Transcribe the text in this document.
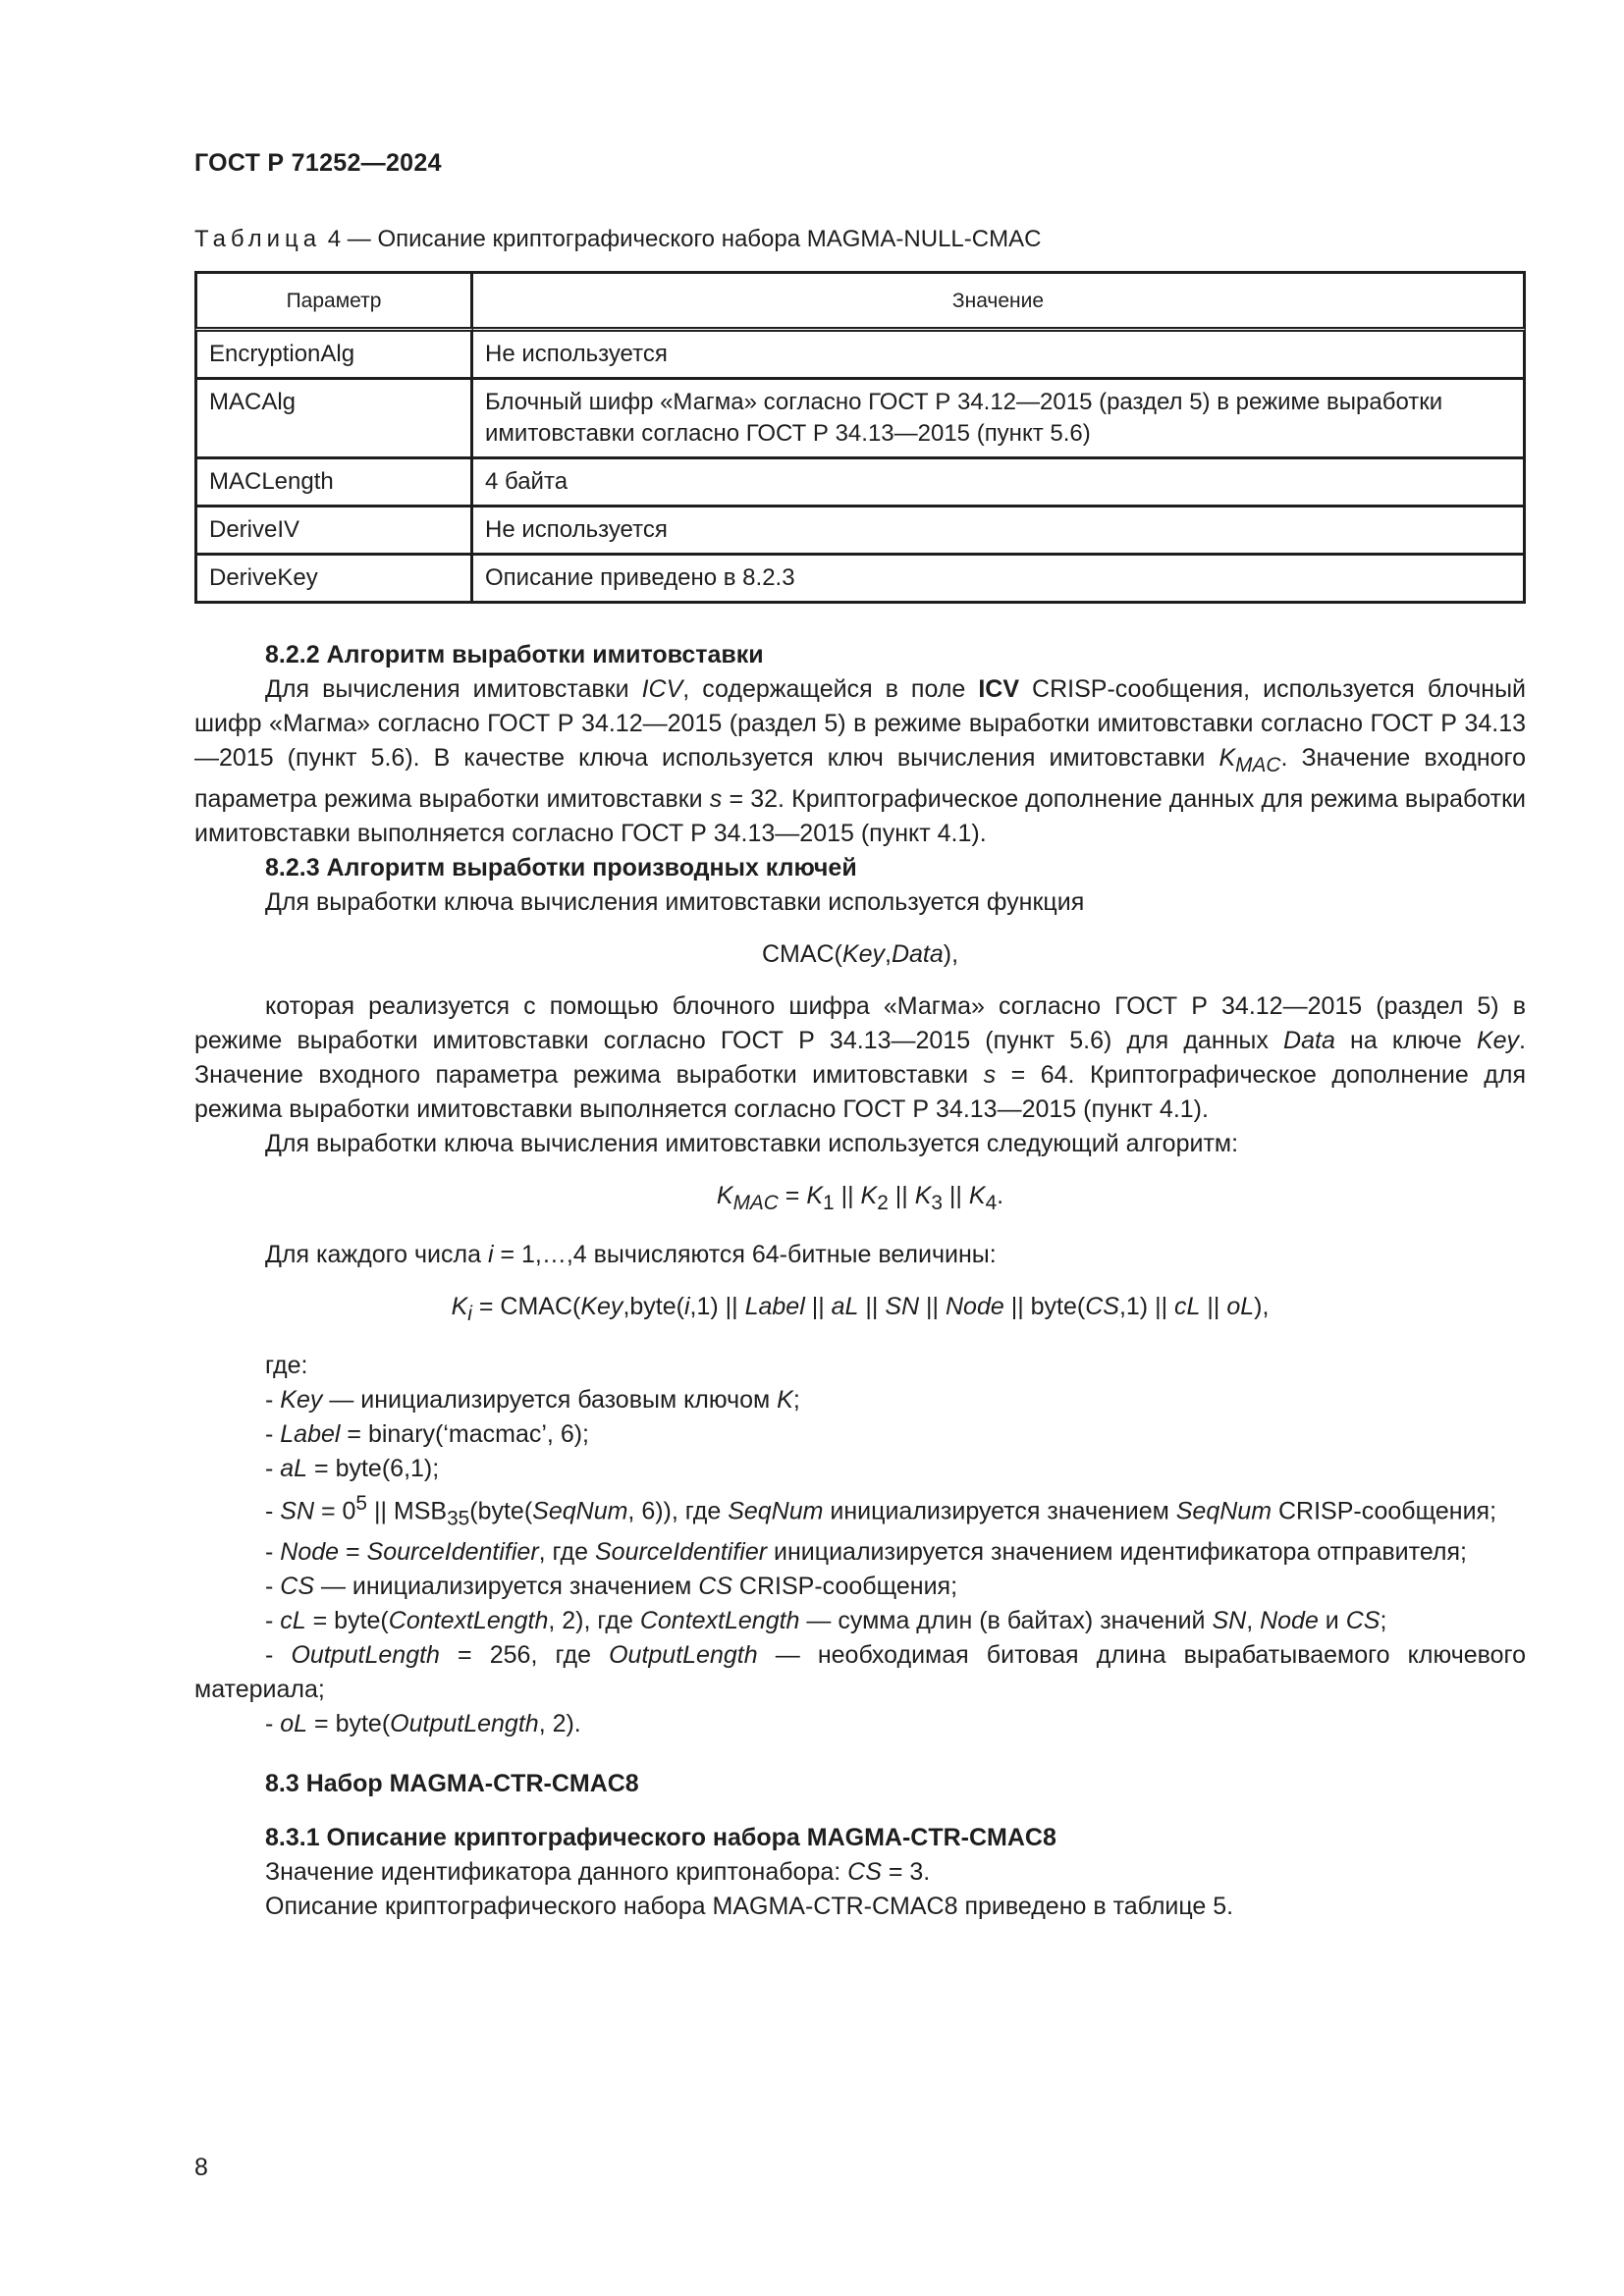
ГОСТ Р 71252—2024
Таблица 4 — Описание криптографического набора MAGMA-NULL-CMAC
Параметр	Значение
EncryptionAlg	Не используется
MACAlg	Блочный шифр «Магма» согласно ГОСТ Р 34.12—2015 (раздел 5) в режиме выработки имитовставки согласно ГОСТ Р 34.13—2015 (пункт 5.6)
MACLength	4 байта
DeriveIV	Не используется
DeriveKey	Описание приведено в 8.2.3

8.2.2 Алгоритм выработки имитовставки

Для вычисления имитовставки ICV, содержащейся в поле ICV CRISP-сообщения, используется блочный шифр «Магма» согласно ГОСТ Р 34.12—2015 (раздел 5) в режиме выработки имитовставки согласно ГОСТ Р 34.13—2015 (пункт 5.6). В качестве ключа используется ключ вычисления имитовставки $K_{MAC}$. Значение входного параметра режима выработки имитовставки s = 32. Криптографическое дополнение данных для режима выработки имитовставки выполняется согласно ГОСТ Р 34.13—2015 (пункт 4.1).

8.2.3 Алгоритм выработки производных ключей

Для выработки ключа вычисления имитовставки используется функция

CMAC(Key,Data),

которая реализуется с помощью блочного шифра «Магма» согласно ГОСТ Р 34.12—2015 (раздел 5) в режиме выработки имитовставки согласно ГОСТ Р 34.13—2015 (пункт 5.6) для данных Data на ключе Key. Значение входного параметра режима выработки имитовставки s = 64. Криптографическое дополнение для режима выработки имитовставки выполняется согласно ГОСТ Р 34.13—2015 (пункт 4.1).

Для выработки ключа вычисления имитовставки используется следующий алгоритм:

$K_{MAC} = K_1$ || $K_2$ || $K_3$ || $K_4$.

Для каждого числа i = 1,…,4 вычисляются 64-битные величины:

$K_i$ = CMAC(Key,byte(i,1) || Label || aL || SN || Node || byte(CS,1) || cL || oL),

где:

- Key — инициализируется базовым ключом K;

- Label = binary(‘macmac’, 6);

- aL = byte(6,1);

- SN = $0^5$ || $MSB_{35}(byte(SeqNum$, 6)), где SeqNum инициализируется значением SeqNum CRISP-сообщения;

- Node = SourceIdentifier, где SourceIdentifier инициализируется значением идентификатора отправителя;

- CS — инициализируется значением CS CRISP-сообщения;

- cL = byte(ContextLength, 2), где ContextLength — сумма длин (в байтах) значений SN, Node и CS;

- OutputLength = 256, где OutputLength — необходимая битовая длина вырабатываемого ключевого материала;

- oL = byte(OutputLength, 2).

8.3 Набор MAGMA-CTR-CMAC8

8.3.1 Описание криптографического набора MAGMA-CTR-CMAC8

Значение идентификатора данного криптонабора: CS = 3.

Описание криптографического набора MAGMA-CTR-CMAC8 приведено в таблице 5.

8
